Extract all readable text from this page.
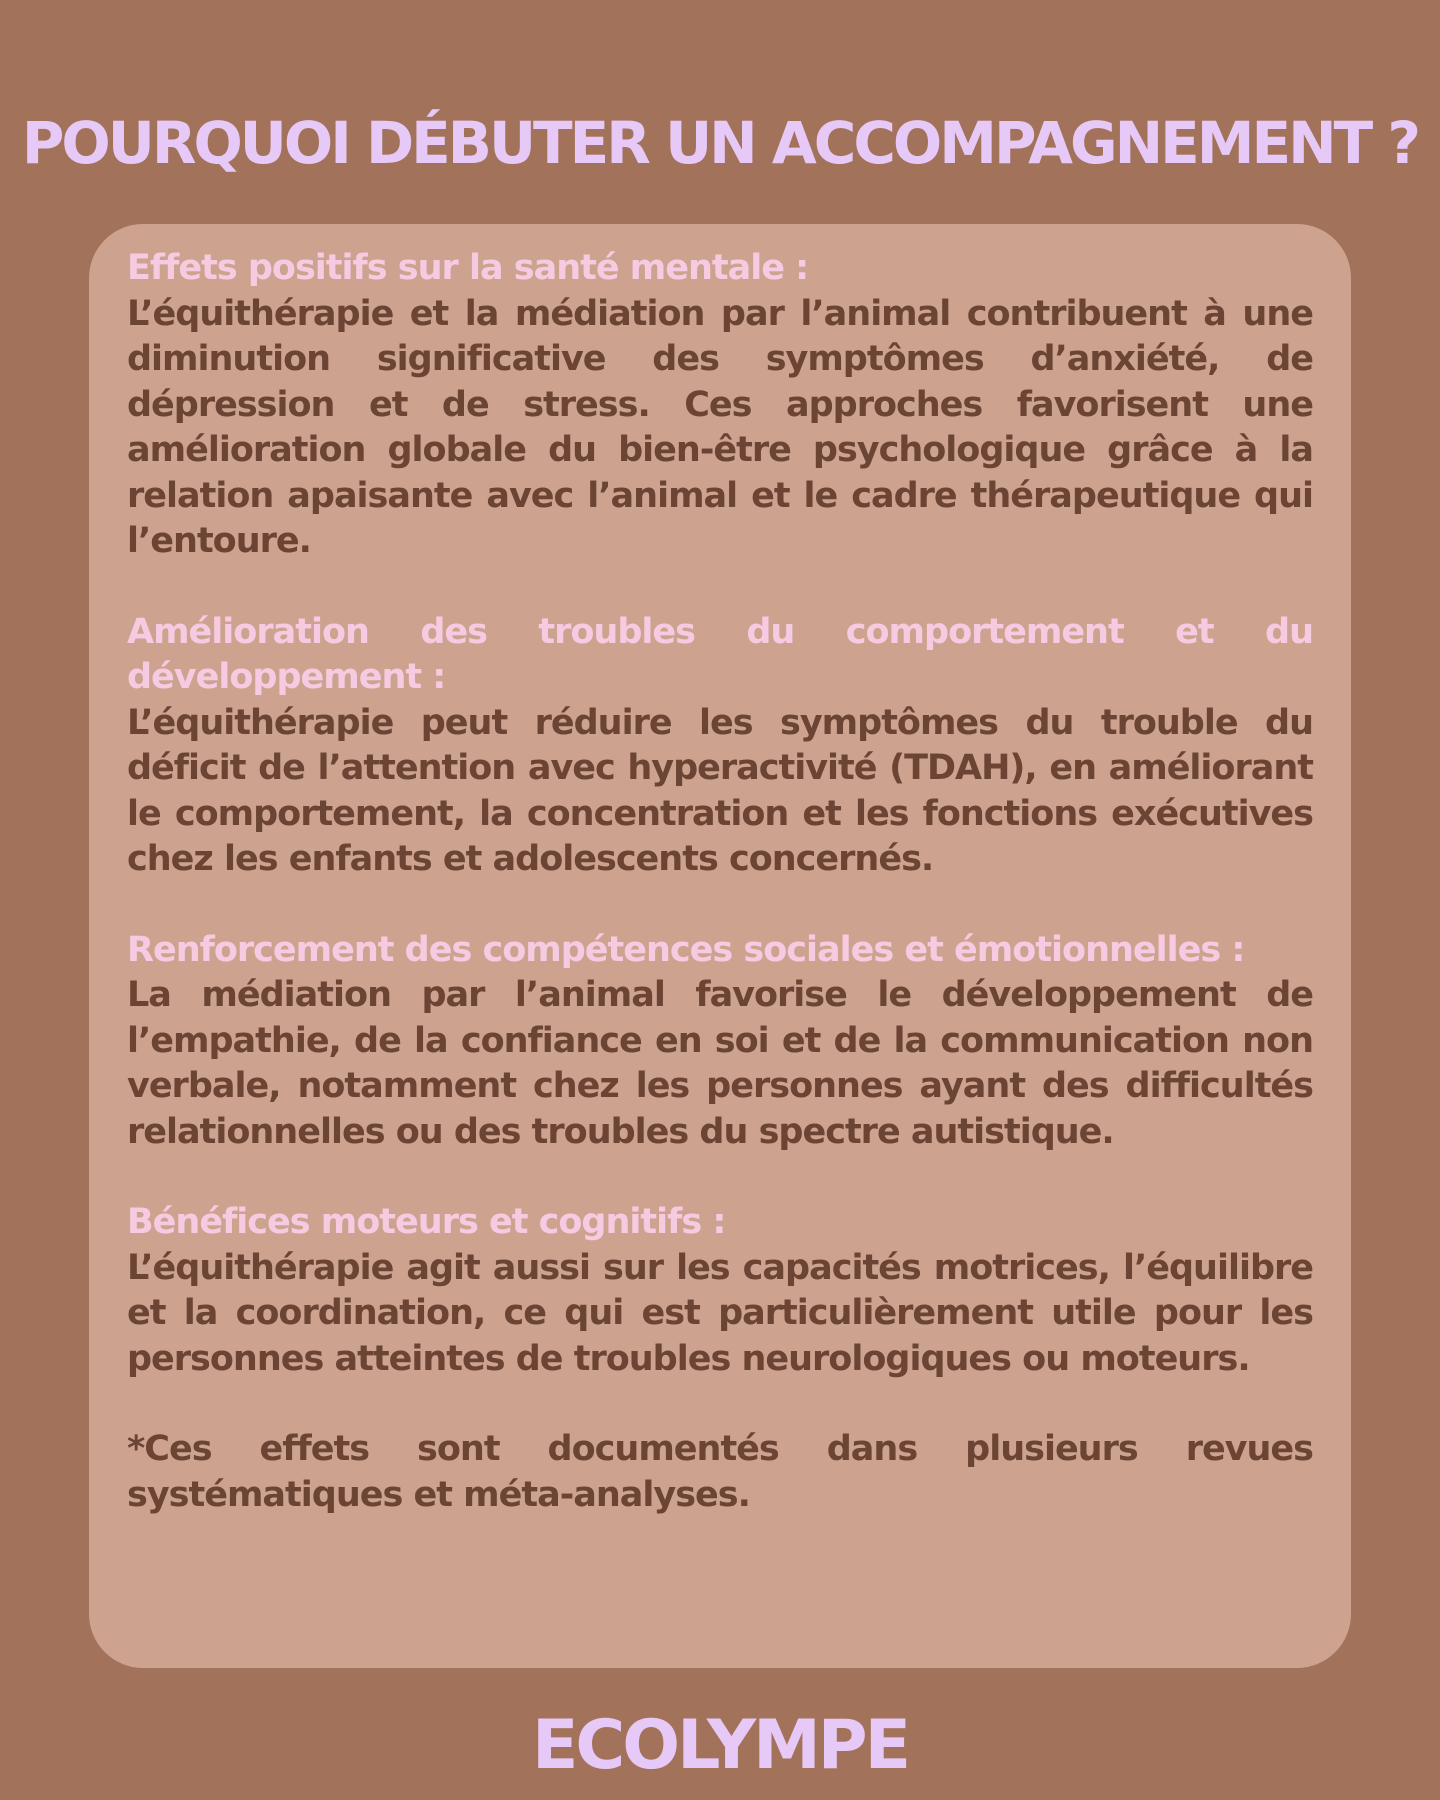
POURQUOI DÉBUTER UN ACCOMPAGNEMENT ?

Effets positifs sur la santé mentale :

L’équithérapie et la médiation par l’animal contribuent à une diminution significative des symptômes d’anxiété, de dépression et de stress. Ces approches favorisent une amélioration globale du bien-être psychologique grâce à la relation apaisante avec l’animal et le cadre thérapeutique qui l’entoure.

Amélioration des troubles du comportement et du développement :

L’équithérapie peut réduire les symptômes du trouble du déficit de l’attention avec hyperactivité (TDAH), en améliorant le comportement, la concentration et les fonctions exécutives chez les enfants et adolescents concernés.

Renforcement des compétences sociales et émotionnelles :

La médiation par l’animal favorise le développement de l’empathie, de la confiance en soi et de la communication non verbale, notamment chez les personnes ayant des difficultés relationnelles ou des troubles du spectre autistique.

Bénéfices moteurs et cognitifs :

L’équithérapie agit aussi sur les capacités motrices, l’équilibre et la coordination, ce qui est particulièrement utile pour les personnes atteintes de troubles neurologiques ou moteurs.

*Ces effets sont documentés dans plusieurs revues systématiques et méta-analyses.

ECOLYMPE
